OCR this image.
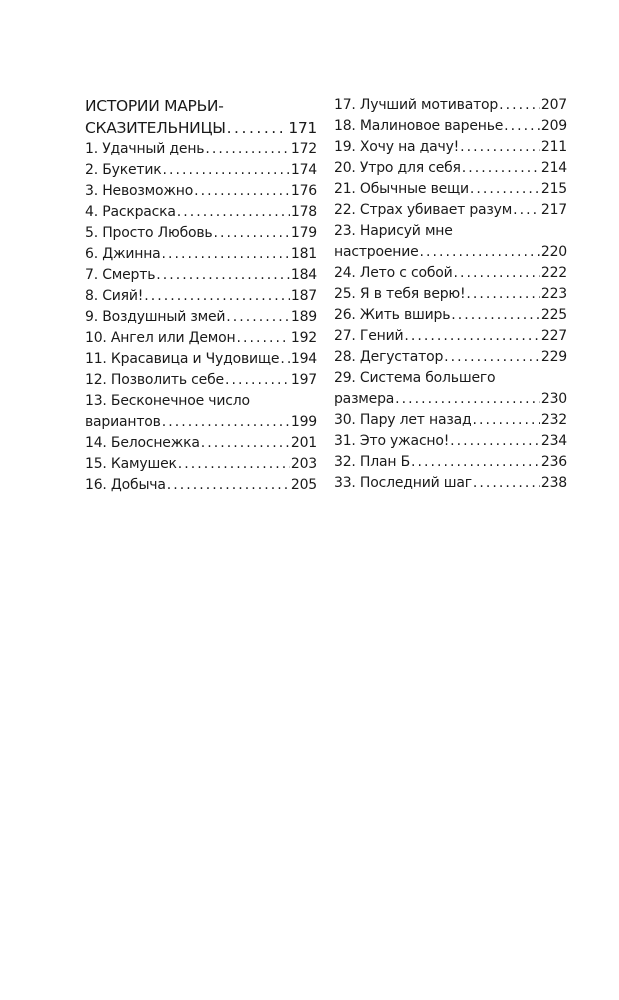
ИСТОРИИ МАРЬИ-
СКАЗИТЕЛЬНИЦЫ . . .	171
1. Удачный день . . .	172
2. Букетик . . .	174
3. Невозможно . . .	176
4. Раскраска . . .	178
5. Просто Любовь . . .	179
6. Джинна . . .	181
7. Смерть . . .	184
8. Сияй! . . .	187
9. Воздушный змей . . .	189
10. Ангел или Демон . . .	192
11. Красавица и Чудовище . . . 194
12. Позволить себе . . .	197
13. Бесконечное число
вариантов . . .	199
14. Белоснежка . . .	201
15. Камушек . . .	203
16. Добыча . . .	205
17. Лучший мотиватор . . .	207
18. Малиновое варенье . . .	209
19. Хочу на дачу! . . .	211
20. Утро для себя . . .	214
21. Обычные вещи . . .	215
22. Страх убивает разум . . . 217
23. Нарисуй мне
настроение . . .	220
24. Лето с собой . . .	222
25. Я в тебя верю! . . .	223
26. Жить вширь . . .	225
27. Гений . . .	227
28. Дегустатор . . .	229
29. Система большего
размера . . .	230
30. Пару лет назад . . .	232
31. Это ужасно! . . .	234
32. План Б . . .	236
33. Последний шаг . . .	238
